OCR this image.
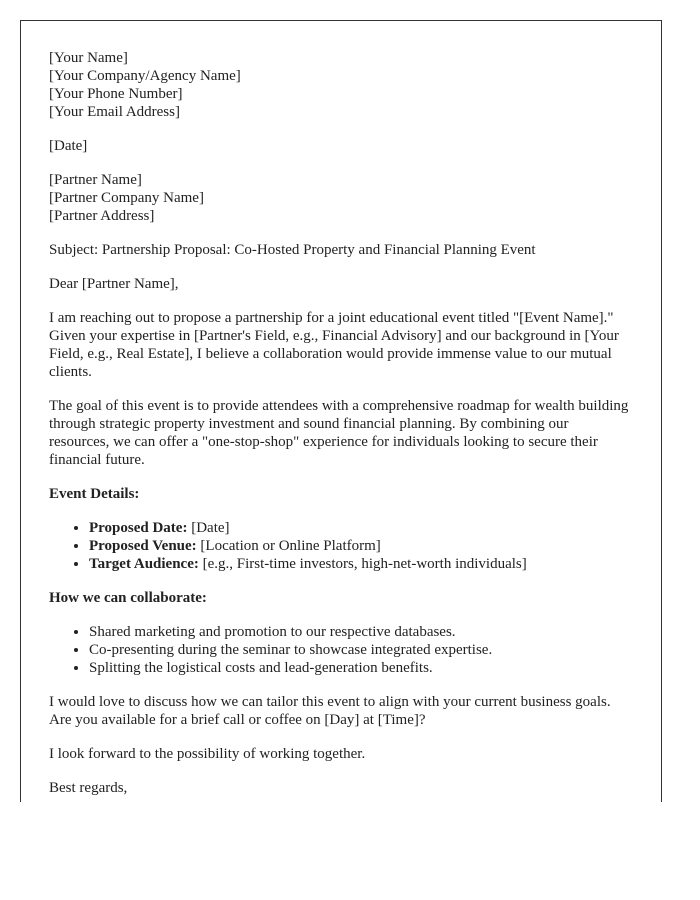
[Your Name]
[Your Company/Agency Name]
[Your Phone Number]
[Your Email Address]

[Date]

[Partner Name]
[Partner Company Name]
[Partner Address]

Subject: Partnership Proposal: Co-Hosted Property and Financial Planning Event

Dear [Partner Name],

I am reaching out to propose a partnership for a joint educational event titled "[Event Name]." Given your expertise in [Partner's Field, e.g., Financial Advisory] and our background in [Your Field, e.g., Real Estate], I believe a collaboration would provide immense value to our mutual clients.

The goal of this event is to provide attendees with a comprehensive roadmap for wealth building through strategic property investment and sound financial planning. By combining our resources, we can offer a "one-stop-shop" experience for individuals looking to secure their financial future.

Event Details:

• Proposed Date: [Date]
• Proposed Venue: [Location or Online Platform]
• Target Audience: [e.g., First-time investors, high-net-worth individuals]

How we can collaborate:

• Shared marketing and promotion to our respective databases.
• Co-presenting during the seminar to showcase integrated expertise.
• Splitting the logistical costs and lead-generation benefits.

I would love to discuss how we can tailor this event to align with your current business goals. Are you available for a brief call or coffee on [Day] at [Time]?

I look forward to the possibility of working together.

Best regards,
